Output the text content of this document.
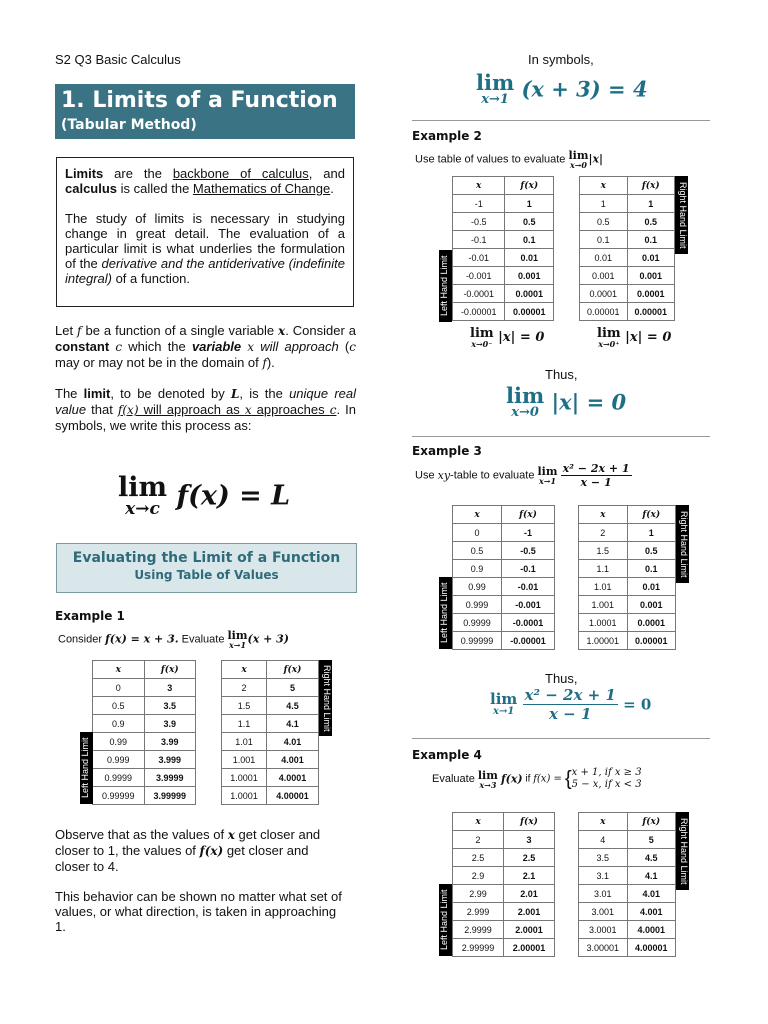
S2 Q3 Basic Calculus
1. Limits of a Function
(Tabular Method)

Limits are the backbone of calculus, and calculus is called the Mathematics of Change.

The study of limits is necessary in studying change in great detail. The evaluation of a particular limit is what underlies the formulation of the derivative and the antiderivative (indefinite integral) of a function.

Let f be a function of a single variable x. Consider a constant c which the variable x will approach (c may or may not be in the domain of f).

The limit, to be denoted by L, is the unique real value that f(x) will approach as x approaches c. In symbols, we write this process as:

lim
x→c f(x) = L
Evaluating the Limit of a Function
Using Table of Values
Example 1
Consider f(x) = x + 3. Evaluate lim
x→1 (x + 3)
x	f(x)
0	3
0.5	3.5
0.9	3.9
0.99	3.99
0.999	3.999
0.9999	3.9999
0.99999	3.99999
x	f(x)
2	5
1.5	4.5
1.1	4.1
1.01	4.01
1.001	4.001
1.0001	4.0001
1.0001	4.00001
Left Hand Limit
Right Hand Limit

Observe that as the values of x get closer and closer to 1, the values of f(x) get closer and closer to 4.

This behavior can be shown no matter what set of values, or what direction, is taken in approaching 1.

In symbols,
lim
x→1 (x + 3) = 4
Example 2
Use table of values to evaluate lim
x→0 |x|
x	f(x)
-1	1
-0.5	0.5
-0.1	0.1
-0.01	0.01
-0.001	0.001
-0.0001	0.0001
-0.00001	0.00001
x	f(x)
1	1
0.5	0.5
0.1	0.1
0.01	0.01
0.001	0.001
0.0001	0.0001
0.00001	0.00001
Left Hand Limit
Right Hand Limit
lim
x→0⁻ |x| = 0	lim
x→0⁺ |x| = 0
Thus,
lim
x→0 |x| = 0
Example 3
Use xy-table to evaluate lim
x→1
$\frac{\text{x² − 2x + 1}}{x - 1}$
x	f(x)
0	-1
0.5	-0.5
0.9	-0.1
0.99	-0.01
0.999	-0.001
0.9999	-0.0001
0.99999	-0.00001
x	f(x)
2	1
1.5	0.5
1.1	0.1
1.01	0.01
1.001	0.001
1.0001	0.0001
1.00001	0.00001
Left Hand Limit
Right Hand Limit
Thus,
lim
x→1
$\frac{\text{x² − 2x + 1}}{x - 1} = 0$
Example 4
Evaluate lim
x→3 f(x) if f(x) = { x + 1, if x ≥ 3
5 − x, if x < 3
x	f(x)
2	3
2.5	2.5
2.9	2.1
2.99	2.01
2.999	2.001
2.9999	2.0001
2.99999	2.00001
x	f(x)
4	5
3.5	4.5
3.1	4.1
3.01	4.01
3.001	4.001
3.0001	4.0001
3.00001	4.00001
Left Hand Limit
Right Hand Limit
